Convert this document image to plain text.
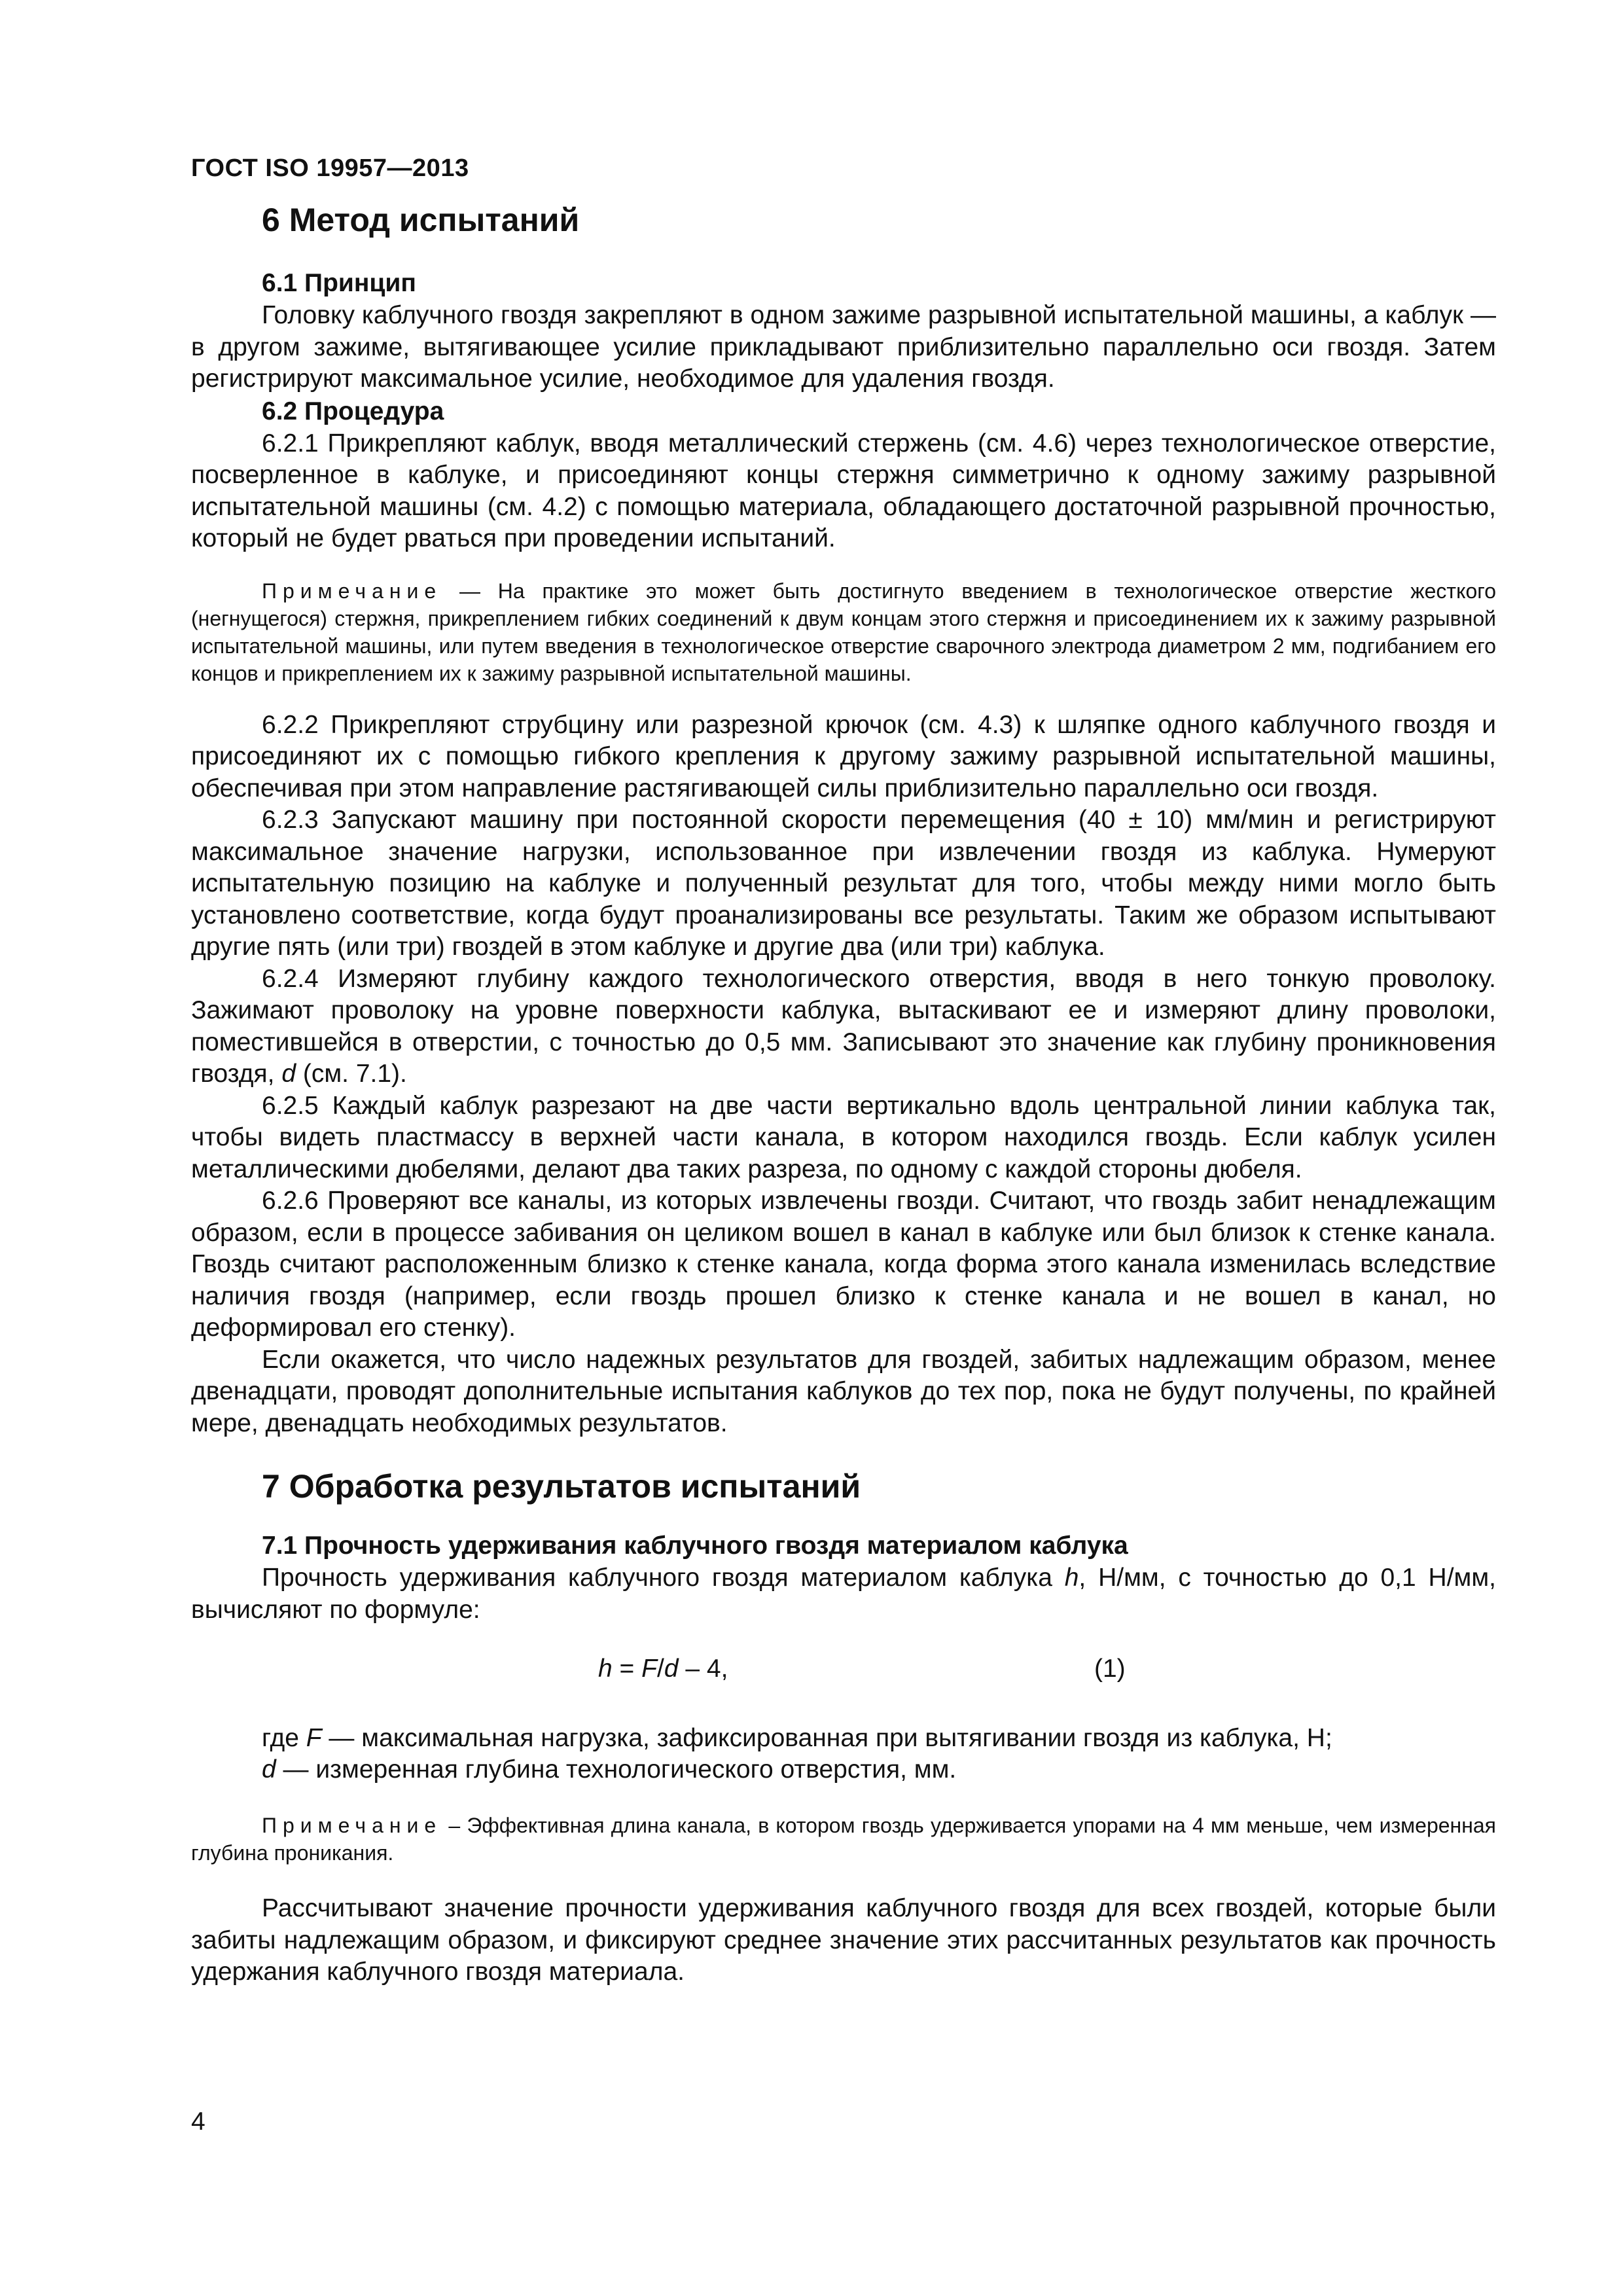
ГОСТ ISO 19957—2013
6 Метод испытаний
6.1 Принцип

Головку каблучного гвоздя закрепляют в одном зажиме разрывной испытательной машины, а каблук — в другом зажиме, вытягивающее усилие прикладывают приблизительно параллельно оси гвоздя. Затем регистрируют максимальное усилие, необходимое для удаления гвоздя.

6.2 Процедура

6.2.1 Прикрепляют каблук, вводя металлический стержень (см. 4.6) через технологическое отверстие, посверленное в каблуке, и присоединяют концы стержня симметрично к одному зажиму разрывной испытательной машины (см. 4.2) с помощью материала, обладающего достаточной разрывной прочностью, который не будет рваться при проведении испытаний.

Примечание — На практике это может быть достигнуто введением в технологическое отверстие жесткого (негнущегося) стержня, прикреплением гибких соединений к двум концам этого стержня и присоединением их к зажиму разрывной испытательной машины, или путем введения в технологическое отверстие сварочного электрода диаметром 2 мм, подгибанием его концов и прикреплением их к зажиму разрывной испытательной машины.

6.2.2 Прикрепляют струбцину или разрезной крючок (см. 4.3) к шляпке одного каблучного гвоздя и присоединяют их с помощью гибкого крепления к другому зажиму разрывной испытательной машины, обеспечивая при этом направление растягивающей силы приблизительно параллельно оси гвоздя.

6.2.3 Запускают машину при постоянной скорости перемещения (40 ± 10) мм/мин и регистрируют максимальное значение нагрузки, использованное при извлечении гвоздя из каблука. Нумеруют испытательную позицию на каблуке и полученный результат для того, чтобы между ними могло быть установлено соответствие, когда будут проанализированы все результаты. Таким же образом испытывают другие пять (или три) гвоздей в этом каблуке и другие два (или три) каблука.

6.2.4 Измеряют глубину каждого технологического отверстия, вводя в него тонкую проволоку. Зажимают проволоку на уровне поверхности каблука, вытаскивают ее и измеряют длину проволоки, поместившейся в отверстии, с точностью до 0,5 мм. Записывают это значение как глубину проникновения гвоздя, d (см. 7.1).

6.2.5 Каждый каблук разрезают на две части вертикально вдоль центральной линии каблука так, чтобы видеть пластмассу в верхней части канала, в котором находился гвоздь. Если каблук усилен металлическими дюбелями, делают два таких разреза, по одному с каждой стороны дюбеля.

6.2.6 Проверяют все каналы, из которых извлечены гвозди. Считают, что гвоздь забит ненадлежащим образом, если в процессе забивания он целиком вошел в канал в каблуке или был близок к стенке канала. Гвоздь считают расположенным близко к стенке канала, когда форма этого канала изменилась вследствие наличия гвоздя (например, если гвоздь прошел близко к стенке канала и не вошел в канал, но деформировал его стенку).

Если окажется, что число надежных результатов для гвоздей, забитых надлежащим образом, менее двенадцати, проводят дополнительные испытания каблуков до тех пор, пока не будут получены, по крайней мере, двенадцать необходимых результатов.

7 Обработка результатов испытаний
7.1 Прочность удерживания каблучного гвоздя материалом каблука

Прочность удерживания каблучного гвоздя материалом каблука h, Н/мм, с точностью до 0,1 Н/мм, вычисляют по формуле:

h = F/d – 4,	(1)

где F — максимальная нагрузка, зафиксированная при вытягивании гвоздя из каблука, Н;

d — измеренная глубина технологического отверстия, мм.

Примечание – Эффективная длина канала, в котором гвоздь удерживается упорами на 4 мм меньше, чем измеренная глубина проникания.

Рассчитывают значение прочности удерживания каблучного гвоздя для всех гвоздей, которые были забиты надлежащим образом, и фиксируют среднее значение этих рассчитанных результатов как прочность удержания каблучного гвоздя материала.

4
